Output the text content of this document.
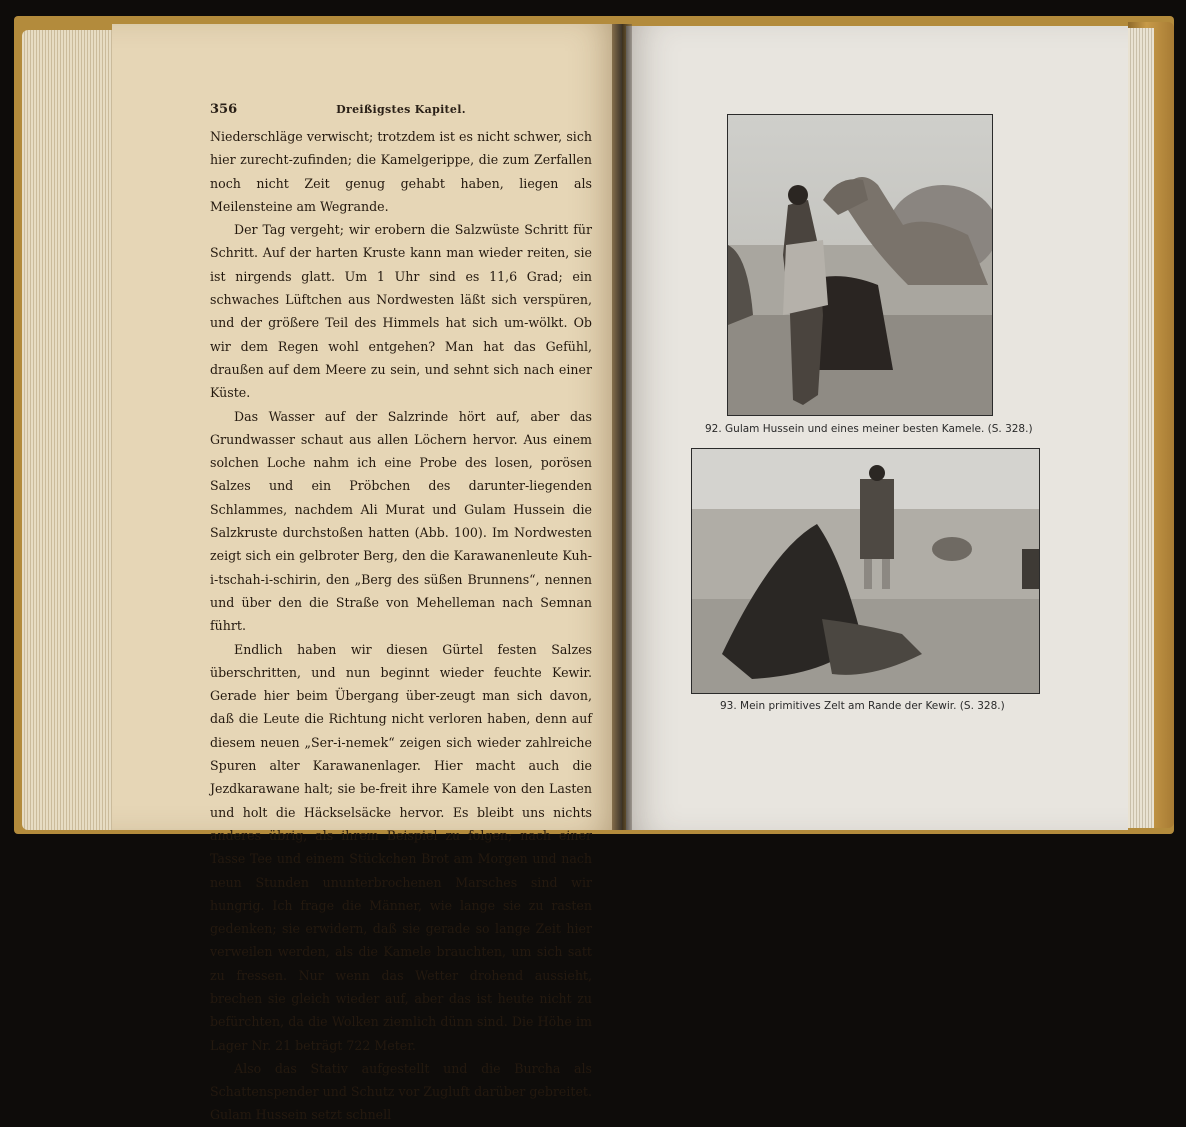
356	Dreißigstes Kapitel.

Niederschläge verwischt; trotzdem ist es nicht schwer, sich hier zurecht-zufinden; die Kamelgerippe, die zum Zerfallen noch nicht Zeit genug gehabt haben, liegen als Meilensteine am Wegrande.

Der Tag vergeht; wir erobern die Salzwüste Schritt für Schritt. Auf der harten Kruste kann man wieder reiten, sie ist nirgends glatt. Um 1 Uhr sind es 11,6 Grad; ein schwaches Lüftchen aus Nordwesten läßt sich verspüren, und der größere Teil des Himmels hat sich um-wölkt. Ob wir dem Regen wohl entgehen? Man hat das Gefühl, draußen auf dem Meere zu sein, und sehnt sich nach einer Küste.

Das Wasser auf der Salzrinde hört auf, aber das Grundwasser schaut aus allen Löchern hervor. Aus einem solchen Loche nahm ich eine Probe des losen, porösen Salzes und ein Pröbchen des darunter-liegenden Schlammes, nachdem Ali Murat und Gulam Hussein die Salzkruste durchstoßen hatten (Abb. 100). Im Nordwesten zeigt sich ein gelbroter Berg, den die Karawanenleute Kuh-i-tschah-i-schirin, den „Berg des süßen Brunnens“, nennen und über den die Straße von Mehelleman nach Semnan führt.

Endlich haben wir diesen Gürtel festen Salzes überschritten, und nun beginnt wieder feuchte Kewir. Gerade hier beim Übergang über-zeugt man sich davon, daß die Leute die Richtung nicht verloren haben, denn auf diesem neuen „Ser-i-nemek“ zeigen sich wieder zahlreiche Spuren alter Karawanenlager. Hier macht auch die Jezdkarawane halt; sie be-freit ihre Kamele von den Lasten und holt die Häckselsäcke hervor. Es bleibt uns nichts anderes übrig, als ihrem Beispiel zu folgen; nach einer Tasse Tee und einem Stückchen Brot am Morgen und nach neun Stunden ununterbrochenen Marsches sind wir hungrig. Ich frage die Männer, wie lange sie zu rasten gedenken; sie erwidern, daß sie gerade so lange Zeit hier verweilen werden, als die Kamele brauchten, um sich satt zu fressen. Nur wenn das Wetter drohend aussieht, brechen sie gleich wieder auf, aber das ist heute nicht zu befürchten, da die Wolken ziemlich dünn sind. Die Höhe im Lager Nr. 21 beträgt 722 Meter.

Also das Stativ aufgestellt und die Burcha als Schattenspender und Schutz vor Zugluft darüber gebreitet. Gulam Hussein setzt schnell

92. Gulam Hussein und eines meiner besten Kamele. (S. 328.)
93. Mein primitives Zelt am Rande der Kewir. (S. 328.)
